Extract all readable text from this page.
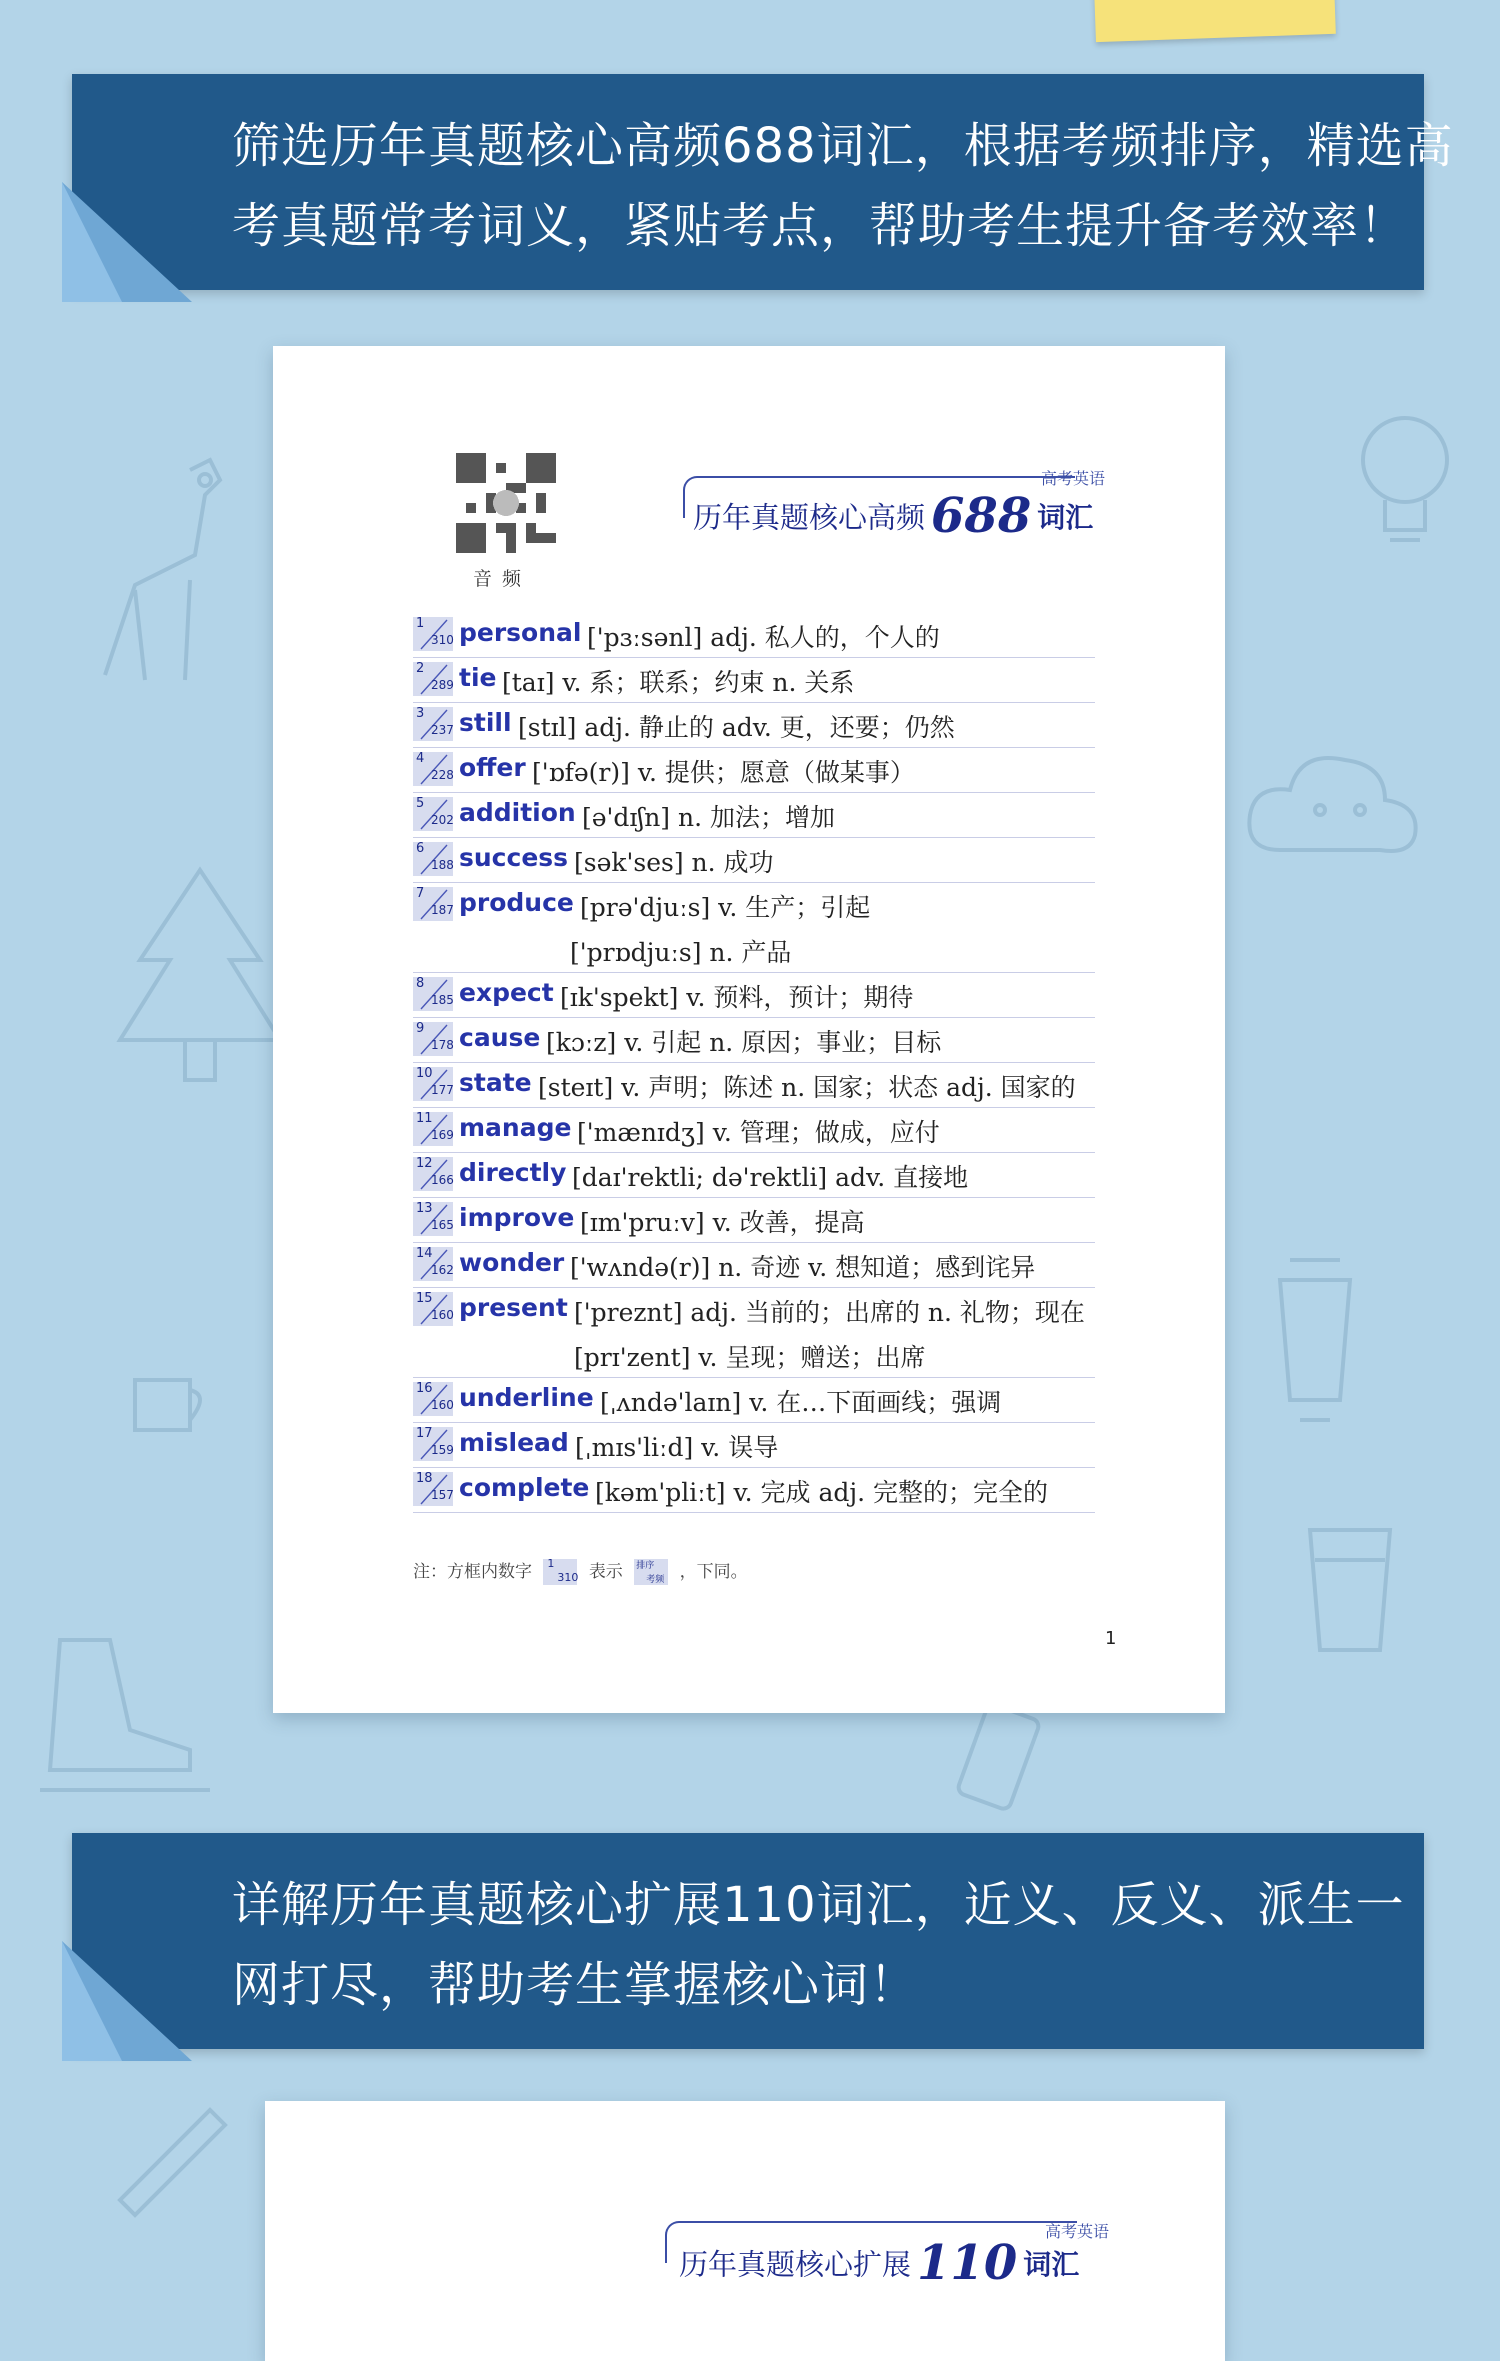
筛选历年真题核心高频688词汇，根据考频排序，精选高
考真题常考词义，紧贴考点，帮助考生提升备考效率！
音频
高考英语
历年真题核心高频 688 词汇
1
310 personal ['pɜːsənl] adj. 私人的，个人的
2
289 tie [taɪ] v. 系；联系；约束 n. 关系
3
237 still [stɪl] adj. 静止的 adv. 更，还要；仍然
4
228 offer ['ɒfə(r)] v. 提供；愿意（做某事）
5
202 addition [ə'dɪʃn] n. 加法；增加
6
188 success [sək'ses] n. 成功
7
187 produce [prə'djuːs] v. 生产；引起
['prɒdjuːs] n. 产品
8
185 expect [ɪk'spekt] v. 预料，预计；期待
9
178 cause [kɔːz] v. 引起 n. 原因；事业；目标
10
177 state [steɪt] v. 声明；陈述 n. 国家；状态 adj. 国家的
11
169 manage ['mænɪdʒ] v. 管理；做成，应付
12
166 directly [daɪ'rektli; də'rektli] adv. 直接地
13
165 improve [ɪm'pruːv] v. 改善，提高
14
162 wonder ['wʌndə(r)] n. 奇迹 v. 想知道；感到诧异
15
160 present ['preznt] adj. 当前的；出席的 n. 礼物；现在
[prɪ'zent] v. 呈现；赠送；出席
16
160 underline [ˌʌndə'laɪn] v. 在…下面画线；强调
17
159 mislead [ˌmɪs'liːd] v. 误导
18
157 complete [kəm'pliːt] v. 完成 adj. 完整的；完全的
注：方框内数字 1
310 表示 排序
考频 ，下同。
1
详解历年真题核心扩展110词汇，近义、反义、派生一
网打尽，帮助考生掌握核心词！
高考英语
历年真题核心扩展 110 词汇
